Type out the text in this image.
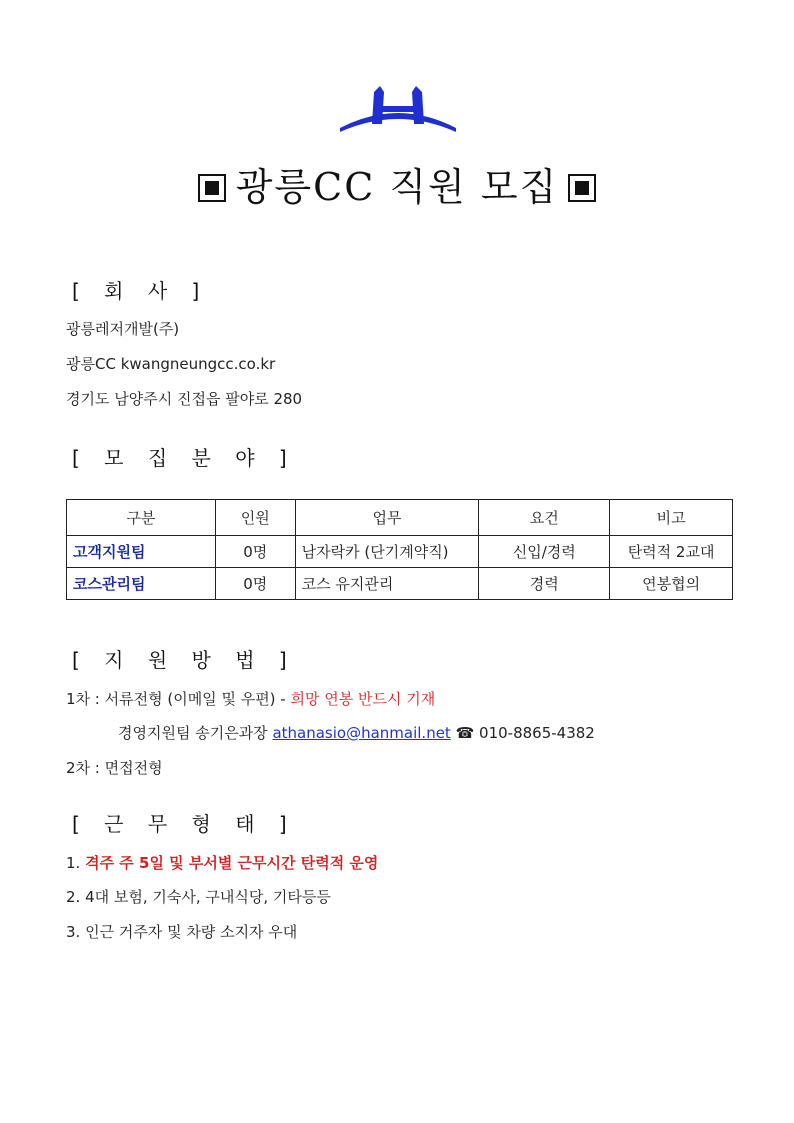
광릉CC 직원 모집
[ 회 사 ]
광릉레저개발(주)
광릉CC kwangneungcc.co.kr
경기도 남양주시 진접읍 팔야로 280
[ 모 집 분 야 ]
구분	인원	업무	요건	비고
고객지원팀	0명	남자락카 (단기계약직)	신입/경력	탄력적 2교대
코스관리팀	0명	코스 유지관리	경력	연봉협의
[ 지 원 방 법 ]
1차 : 서류전형 (이메일 및 우편) - 희망 연봉 반드시 기재
경영지원팀 송기은과장 athanasio@hanmail.net ☎ 010-8865-4382
2차 : 면접전형
[ 근 무 형 태 ]
1. 격주 주 5일 및 부서별 근무시간 탄력적 운영
2. 4대 보험, 기숙사, 구내식당, 기타등등
3. 인근 거주자 및 차량 소지자 우대
